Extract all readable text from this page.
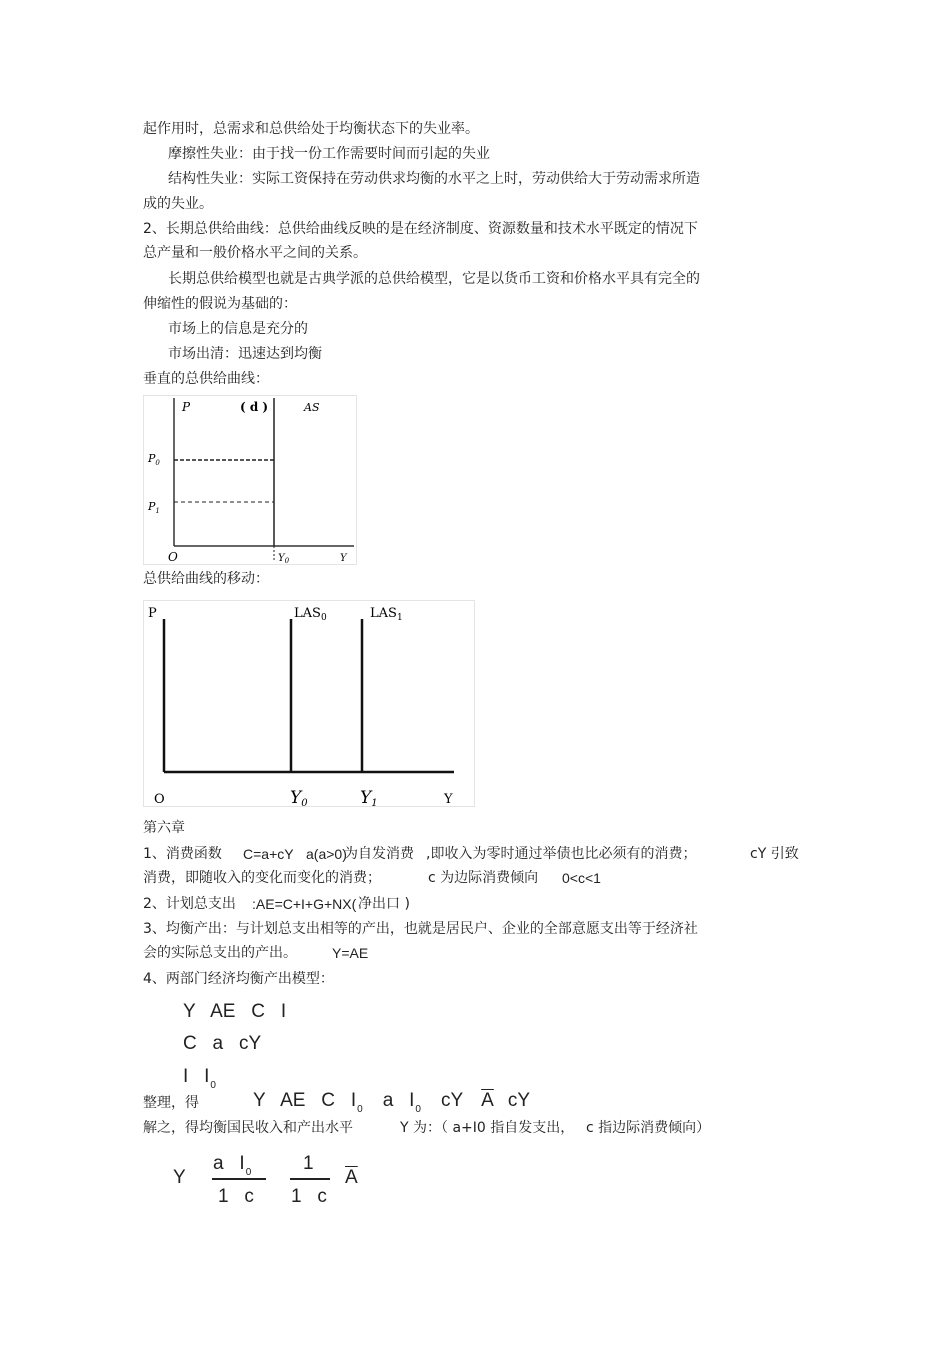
起作用时，总需求和总供给处于均衡状态下的失业率。
摩擦性失业：由于找一份工作需要时间而引起的失业
结构性失业：实际工资保持在劳动供求均衡的水平之上时，劳动供给大于劳动需求所造
成的失业。
2、长期总供给曲线：总供给曲线反映的是在经济制度、资源数量和技术水平既定的情况下
总产量和一般价格水平之间的关系。
长期总供给模型也就是古典学派的总供给模型，它是以货币工资和价格水平具有完全的
伸缩性的假说为基础的：
市场上的信息是充分的
市场出清：迅速达到均衡
垂直的总供给曲线：
P	( d )	AS
$P_0$
$P_1$
O	$Y_0$	Y
总供给曲线的移动：
P	$LAS_0$	$LAS_1$
O	Y0	Y1	Y
第六章
1、消费函数 C=a+cY a(a>0)
为自发消费 ,即收入为零时通过举债也比必须有的消费；	cY 引致
消费，即随收入的变化而变化的消费；	c 为边际消费倾向 0<c<1
2、计划总支出 :AE=C+I+G+NX( 净出口 )
3、均衡产出：与计划总支出相等的产出，也就是居民户、企业的全部意愿支出等于经济社
会的实际总支出的产出。	Y=AE
4、两部门经济均衡产出模型：
Y   AE   C   I
C   a   cY
I   $I_0$
整理，得	Y   AE   C   $I_0$ a   $I_0$ cY $\overline{A}$ cY
解之，得均衡国民收入和产出水平	Y 为：（ a+I0 指自发支出， c 指边际消费倾向）
Y
a   $I_0$
1   c
1
1   c
$\overline{A}$
